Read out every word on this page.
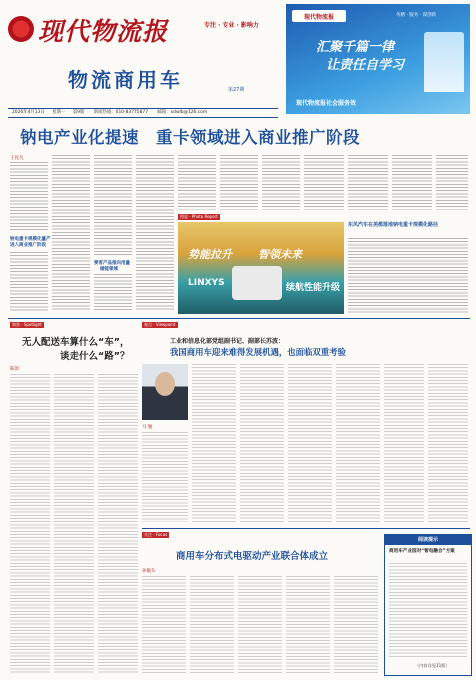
现代物流报	专注 · 专业 · 影响力
物流商用车	第27期
2026年4月13日 星期一 第9版 新闻热线：010-83775877 邮箱：xdwlb@126.com
现代物流报	务精 · 服务 · 谋创新
汇聚千篇一律
让责任自学习
现代物流报社会服务效
钠电产业化提速　重卡领域进入商业推广阶段
王昆凡
钠电重卡规模化量产
进入商业推广阶段
要客产品推向用量
储能领域
图说 · Photo Report
势能拉升 智领未来
LINXYS	续航性能升级
东风汽车在美都落地钠电重卡规模化路径
聚焦 · Spotlight
无人配送车算什么“车”，
谈走什么“路”？
陈原
观点 · Viewpoint
工业和信息化部党组副书记、副部长苏波：
我国商用车迎来难得发展机遇，也面临双重考验
马 勉
关注 · Focus
商用车分布式电驱动产业联合体成立
孙敏东
阅读提示
商用车产业园对“智电融合”方案
（内容详见11版）
